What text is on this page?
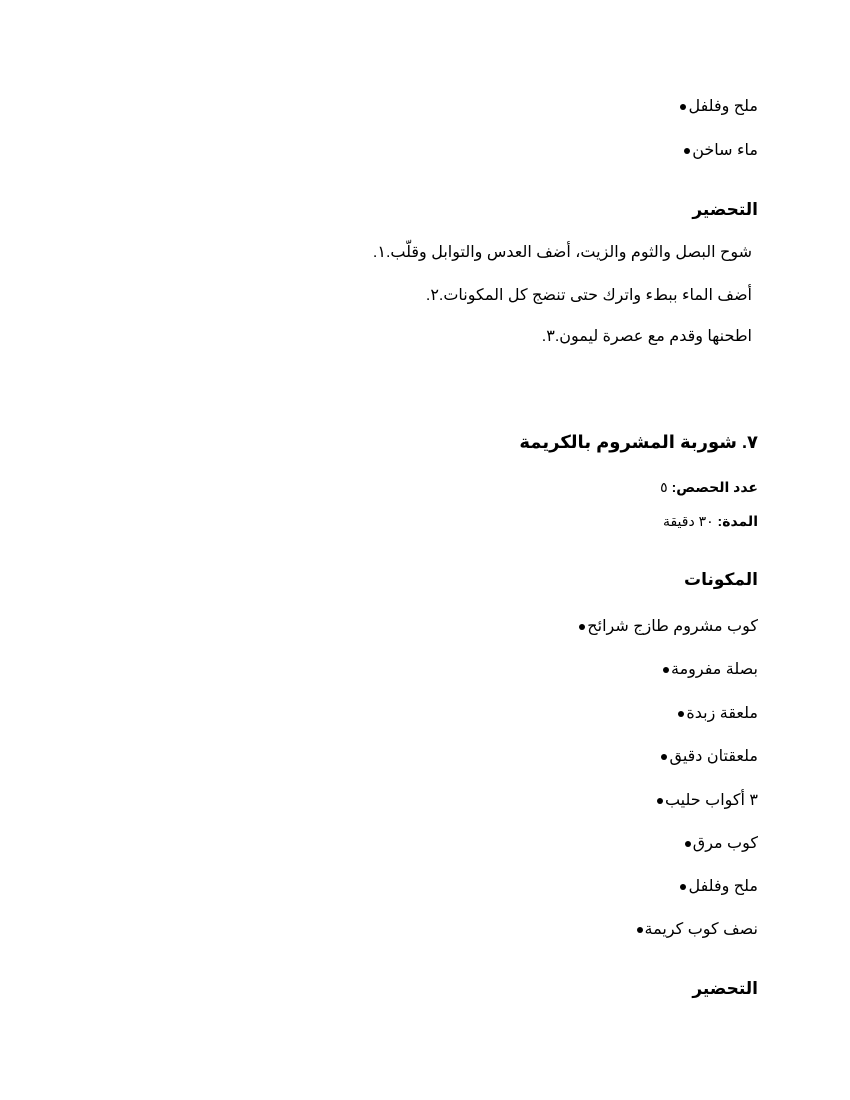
ملح وفلفل
ماء ساخن
التحضير
١. شوح البصل والثوم والزيت، أضف العدس والتوابل وقلّب.
٢. أضف الماء ببطء واترك حتى تنضج كل المكونات.
٣. اطحنها وقدم مع عصرة ليمون.
٧. شوربة المشروم بالكريمة
عدد الحصص: ٥
المدة: ٣٠ دقيقة
المكونات
كوب مشروم طازج شرائح
بصلة مفرومة
ملعقة زبدة
ملعقتان دقيق
٣ أكواب حليب
كوب مرق
ملح وفلفل
نصف كوب كريمة
التحضير
